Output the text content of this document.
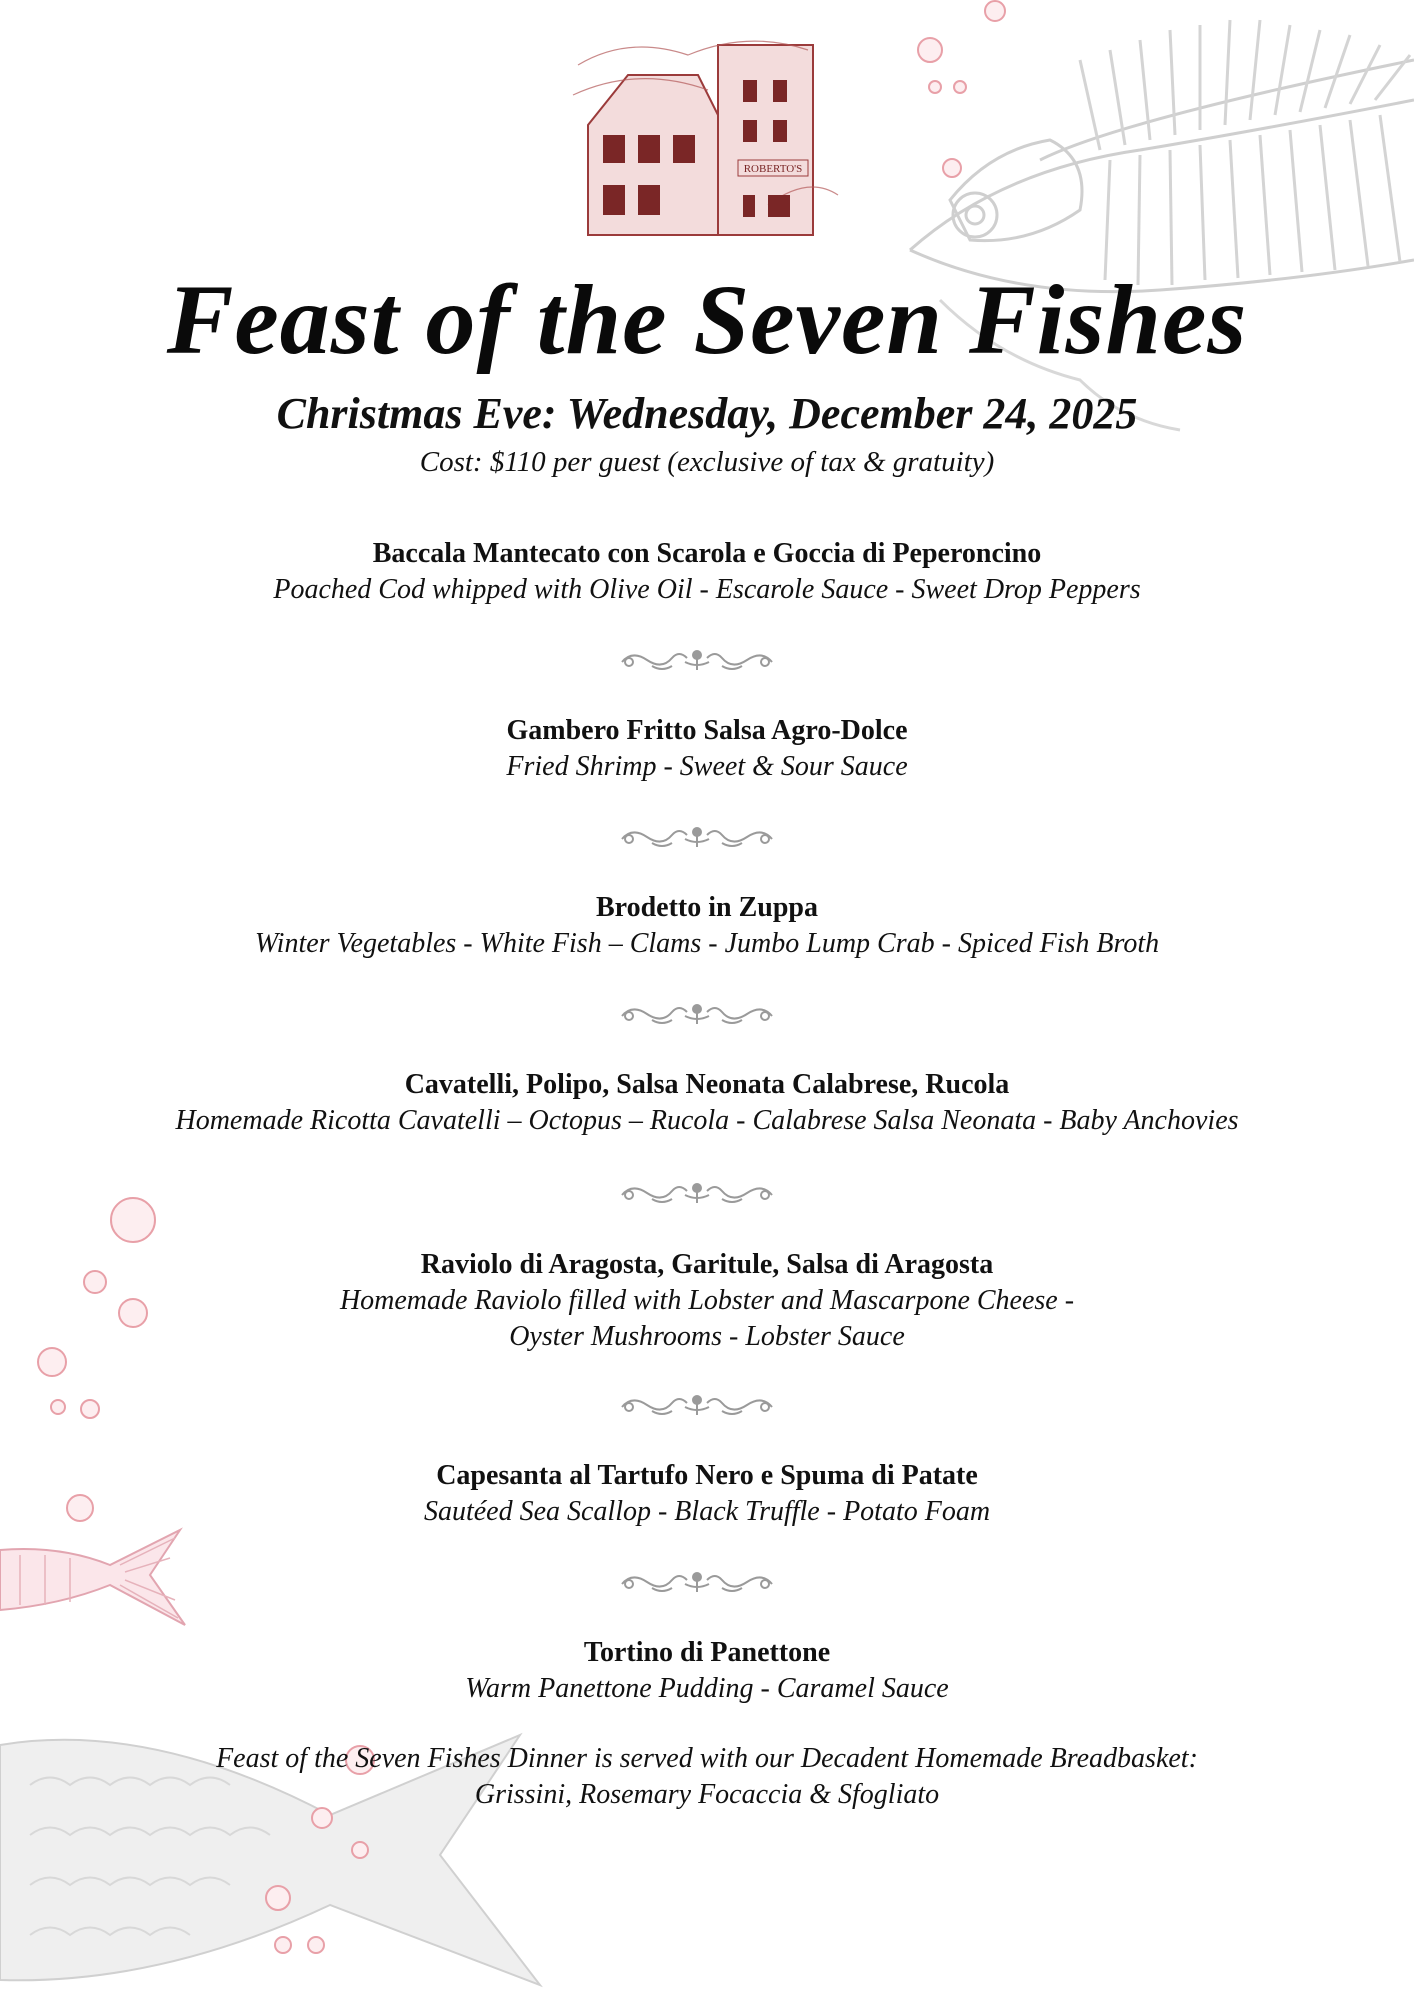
ROBERTO'S
Feast of the Seven Fishes
Christmas Eve: Wednesday, December 24, 2025
Cost: $110 per guest (exclusive of tax & gratuity)
Baccala Mantecato con Scarola e Goccia di Peperoncino
Poached Cod whipped with Olive Oil - Escarole Sauce - Sweet Drop Peppers
Gambero Fritto Salsa Agro-Dolce
Fried Shrimp - Sweet & Sour Sauce
Brodetto in Zuppa
Winter Vegetables - White Fish – Clams - Jumbo Lump Crab - Spiced Fish Broth
Cavatelli, Polipo, Salsa Neonata Calabrese, Rucola
Homemade Ricotta Cavatelli – Octopus – Rucola - Calabrese Salsa Neonata - Baby Anchovies
Raviolo di Aragosta, Garitule, Salsa di Aragosta
Homemade Raviolo filled with Lobster and Mascarpone Cheese -
Oyster Mushrooms - Lobster Sauce
Capesanta al Tartufo Nero e Spuma di Patate
Sautéed Sea Scallop - Black Truffle - Potato Foam
Tortino di Panettone
Warm Panettone Pudding - Caramel Sauce
Feast of the Seven Fishes Dinner is served with our Decadent Homemade Breadbasket:
Grissini, Rosemary Focaccia & Sfogliato
